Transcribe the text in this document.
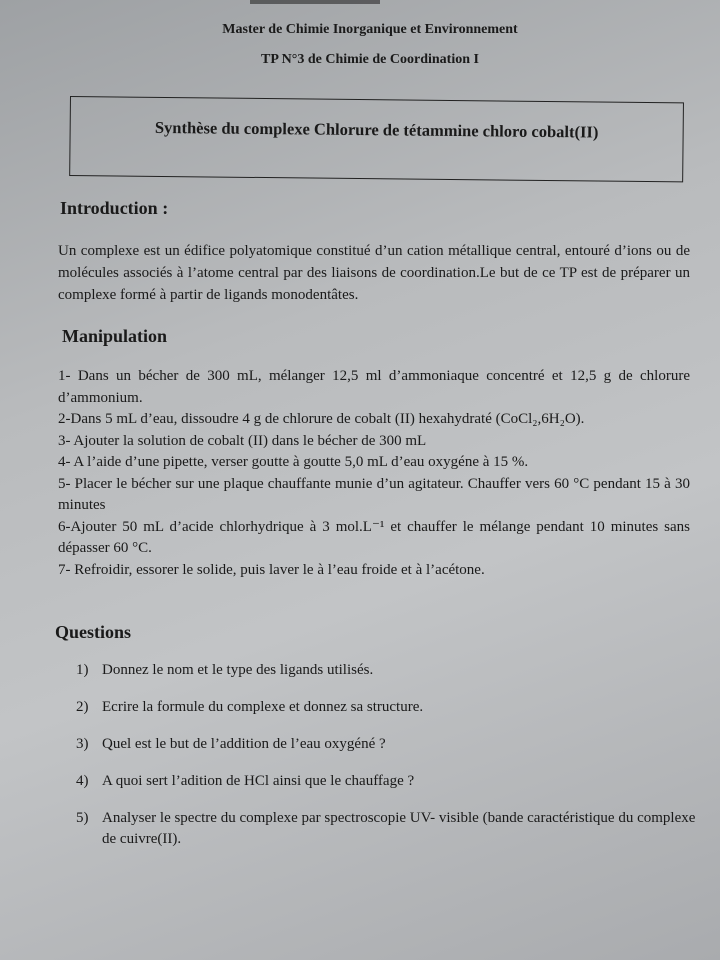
Master de Chimie Inorganique et Environnement
TP N°3 de Chimie de Coordination I
Synthèse du complexe Chlorure de tétammine chloro cobalt(II)
Introduction :
Un complexe est un édifice polyatomique constitué d’un cation métallique central, entouré d’ions ou de molécules associés à l’atome central par des liaisons de coordination.Le but de ce TP est de préparer un complexe formé à partir de ligands monodentâtes.
Manipulation
1- Dans un bécher de 300 mL, mélanger 12,5 ml d’ammoniaque concentré et 12,5 g de chlorure d’ammonium.
2-Dans 5 mL d’eau, dissoudre 4 g de chlorure de cobalt (II) hexahydraté (CoCl₂,6H₂O).
3- Ajouter la solution de cobalt (II) dans le bécher de 300 mL
4- A l’aide d’une pipette, verser goutte à goutte 5,0 mL d’eau oxygéne à 15 %.
5- Placer le bécher sur une plaque chauffante munie d’un agitateur. Chauffer vers 60 °C pendant 15 à 30 minutes
6-Ajouter 50 mL d’acide chlorhydrique à 3 mol.L⁻¹ et chauffer le mélange pendant 10 minutes sans dépasser 60 °C.
7- Refroidir, essorer le solide, puis laver le à l’eau froide et à l’acétone.
Questions
1) Donnez le nom et le type des ligands utilisés.
2) Ecrire la formule du complexe et donnez sa structure.
3) Quel est le but de l’addition de l’eau oxygéné ?
4) A quoi sert l’adition de HCl ainsi que le chauffage ?
5) Analyser le spectre du complexe par spectroscopie UV- visible (bande caractéristique du complexe de cuivre(II).
